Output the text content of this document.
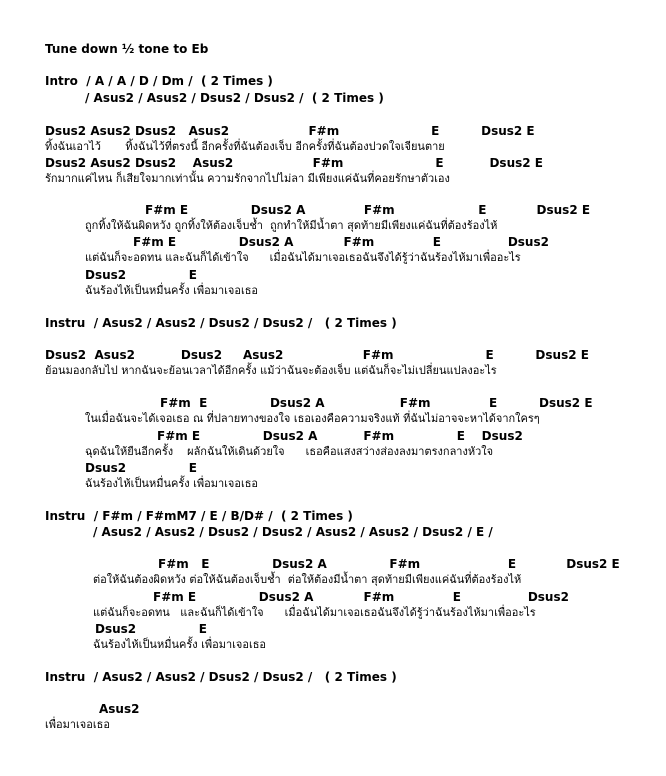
Tune down ½ tone to Eb
Intro  / A / A / D / Dm /  ( 2 Times )
/ Asus2 / Asus2 / Dsus2 / Dsus2 /  ( 2 Times )
Dsus2 Asus2 Dsus2   Asus2                   F#m                      E          Dsus2 E
ทิ้งฉันเอาไว้       ทิ้งฉันไว้ที่ตรงนี้ อีกครั้งที่ฉันต้องเจ็บ อีกครั้งที่ฉันต้องปวดใจเจียนตาย
Dsus2 Asus2 Dsus2    Asus2                   F#m                      E           Dsus2 E
รักมากแค่ไหน ก็เสียใจมากเท่านั้น ความรักจากไปไม่ลา มีเพียงแค่ฉันที่คอยรักษาตัวเอง
F#m E               Dsus2 A              F#m                    E            Dsus2 E
ถูกทิ้งให้ฉันผิดหวัง ถูกทิ้งให้ต้องเจ็บช้ำ  ถูกทำให้มีน้ำตา สุดท้ายมีเพียงแค่ฉันที่ต้องร้องไห้
F#m E               Dsus2 A            F#m              E                Dsus2
แต่ฉันก็จะอดทน และฉันก็ได้เข้าใจ      เมื่อฉันได้มาเจอเธอฉันจึงได้รู้ว่าฉันร้องไห้มาเพื่ออะไร
Dsus2               E
ฉันร้องไห้เป็นหมื่นครั้ง เพื่อมาเจอเธอ
Instru  / Asus2 / Asus2 / Dsus2 / Dsus2 /   ( 2 Times )
Dsus2  Asus2           Dsus2     Asus2                   F#m                      E          Dsus2 E
ย้อนมองกลับไป หากฉันจะย้อนเวลาได้อีกครั้ง แม้ว่าฉันจะต้องเจ็บ แต่ฉันก็จะไม่เปลี่ยนแปลงอะไร
F#m  E               Dsus2 A                  F#m              E          Dsus2 E
ในเมื่อฉันจะได้เจอเธอ ณ ที่ปลายทางของใจ เธอเองคือความจริงแท้ ที่ฉันไม่อาจจะหาได้จากใครๆ
F#m E               Dsus2 A           F#m               E    Dsus2
ฉุดฉันให้ยืนอีกครั้ง    ผลักฉันให้เดินด้วยใจ      เธอคือแสงสว่างส่องลงมาตรงกลางหัวใจ
Dsus2               E
ฉันร้องไห้เป็นหมื่นครั้ง เพื่อมาเจอเธอ
Instru  / F#m / F#mM7 / E / B/D# /  ( 2 Times )
/ Asus2 / Asus2 / Dsus2 / Dsus2 / Asus2 / Asus2 / Dsus2 / E /
F#m   E               Dsus2 A               F#m                     E            Dsus2 E
ต่อให้ฉันต้องผิดหวัง ต่อให้ฉันต้องเจ็บช้ำ  ต่อให้ต้องมีน้ำตา สุดท้ายมีเพียงแค่ฉันที่ต้องร้องไห้
F#m E               Dsus2 A            F#m              E                Dsus2
แต่ฉันก็จะอดทน   และฉันก็ได้เข้าใจ      เมื่อฉันได้มาเจอเธอฉันจึงได้รู้ว่าฉันร้องไห้มาเพื่ออะไร
Dsus2               E
ฉันร้องไห้เป็นหมื่นครั้ง เพื่อมาเจอเธอ
Instru  / Asus2 / Asus2 / Dsus2 / Dsus2 /   ( 2 Times )
Asus2
เพื่อมาเจอเธอ
